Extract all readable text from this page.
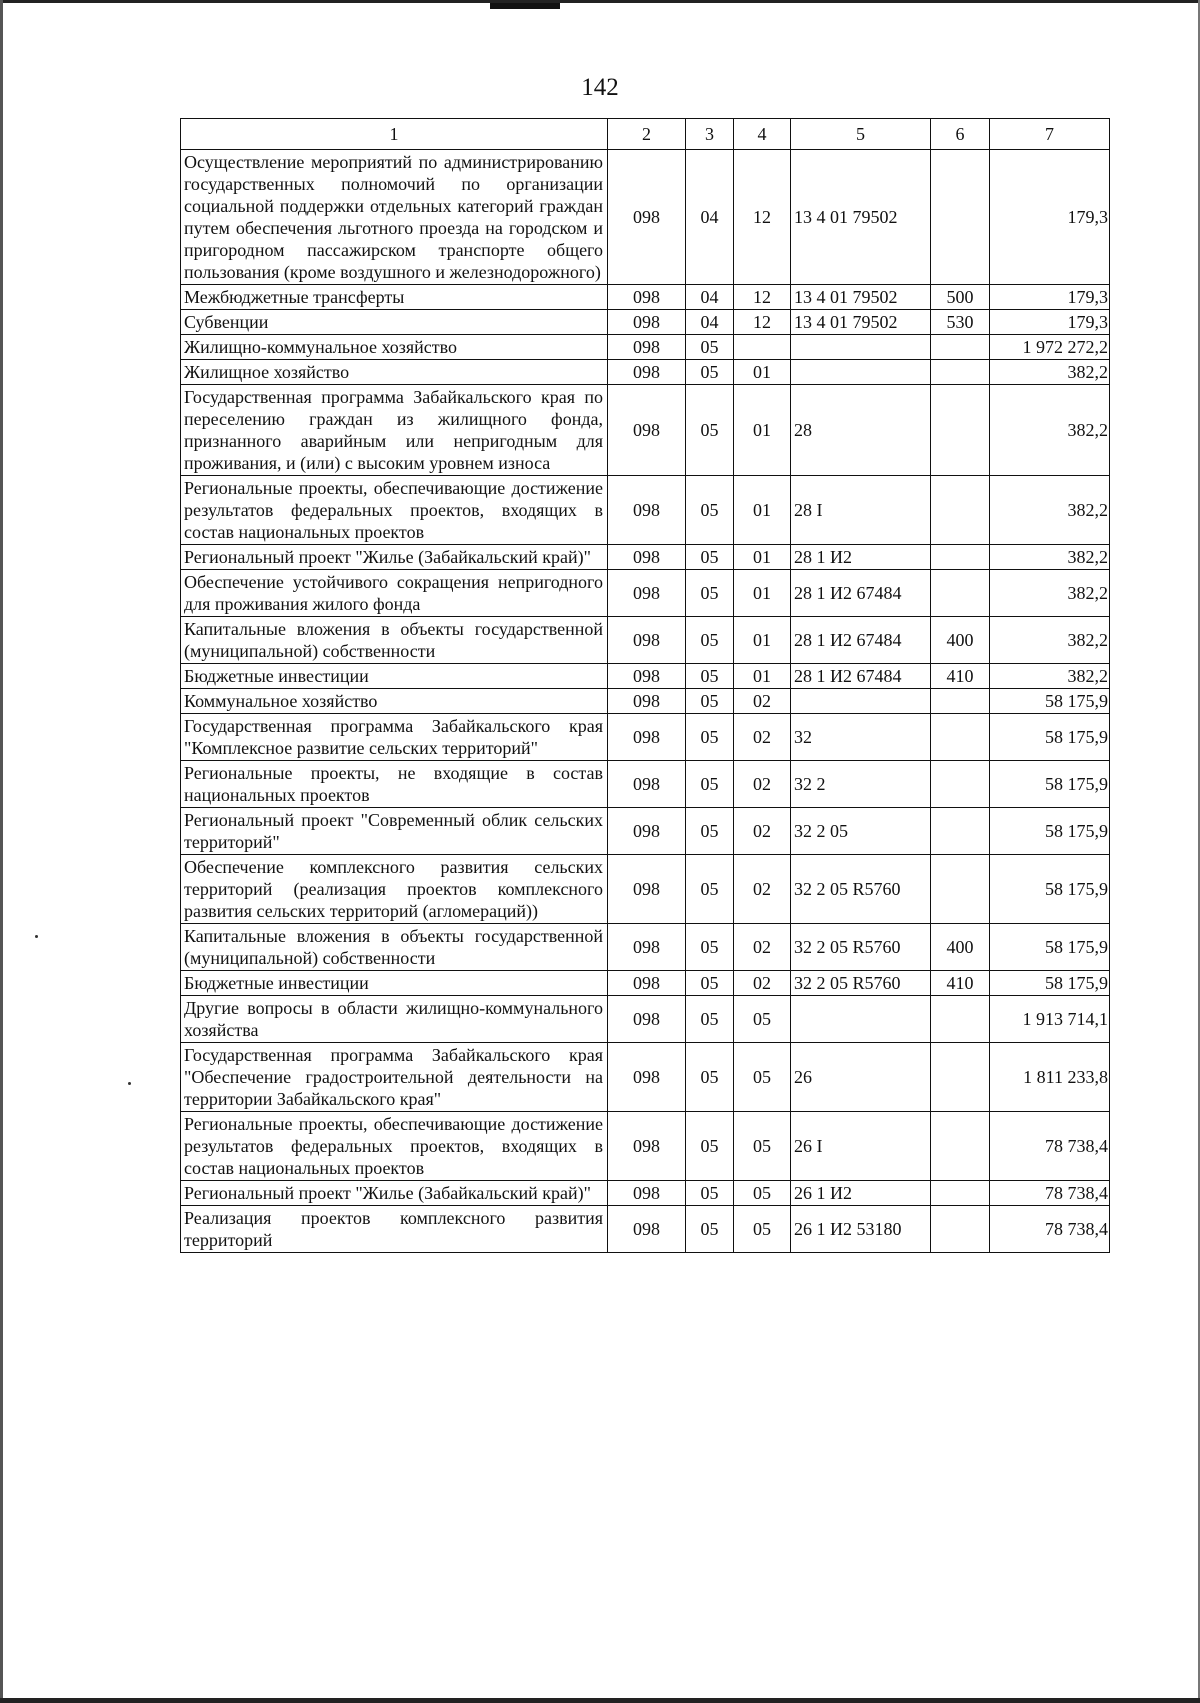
142
1	2	3	4	5	6	7
Осуществление мероприятий по администрированию государственных полномочий по организации социальной поддержки отдельных категорий граждан путем обеспечения льготного проезда на городском и пригородном пассажирском транспорте общего пользования (кроме воздушного и железнодорожного)	098	04	12	13 4 01 79502		179,3
Межбюджетные трансферты	098	04	12	13 4 01 79502	500	179,3
Субвенции	098	04	12	13 4 01 79502	530	179,3
Жилищно-коммунальное хозяйство	098	05				1 972 272,2
Жилищное хозяйство	098	05	01			382,2
Государственная программа Забайкальского края по переселению граждан из жилищного фонда, признанного аварийным или непригодным для проживания, и (или) с высоким уровнем износа	098	05	01	28		382,2
Региональные проекты, обеспечивающие достижение результатов федеральных проектов, входящих в состав национальных проектов	098	05	01	28 I		382,2
Региональный проект "Жилье (Забайкальский край)"	098	05	01	28 1 И2		382,2
Обеспечение устойчивого сокращения непригодного для проживания жилого фонда	098	05	01	28 1 И2 67484		382,2
Капитальные вложения в объекты государственной (муниципальной) собственности	098	05	01	28 1 И2 67484	400	382,2
Бюджетные инвестиции	098	05	01	28 1 И2 67484	410	382,2
Коммунальное хозяйство	098	05	02			58 175,9
Государственная программа Забайкальского края "Комплексное развитие сельских территорий"	098	05	02	32		58 175,9
Региональные проекты, не входящие в состав национальных проектов	098	05	02	32 2		58 175,9
Региональный проект "Современный облик сельских территорий"	098	05	02	32 2 05		58 175,9
Обеспечение комплексного развития сельских территорий (реализация проектов комплексного развития сельских территорий (агломераций))	098	05	02	32 2 05 R5760		58 175,9
Капитальные вложения в объекты государственной (муниципальной) собственности	098	05	02	32 2 05 R5760	400	58 175,9
Бюджетные инвестиции	098	05	02	32 2 05 R5760	410	58 175,9
Другие вопросы в области жилищно-коммунального хозяйства	098	05	05			1 913 714,1
Государственная программа Забайкальского края "Обеспечение градостроительной деятельности на территории Забайкальского края"	098	05	05	26		1 811 233,8
Региональные проекты, обеспечивающие достижение результатов федеральных проектов, входящих в состав национальных проектов	098	05	05	26 I		78 738,4
Региональный проект "Жилье (Забайкальский край)"	098	05	05	26 1 И2		78 738,4
Реализация проектов комплексного развития территорий	098	05	05	26 1 И2 53180		78 738,4
